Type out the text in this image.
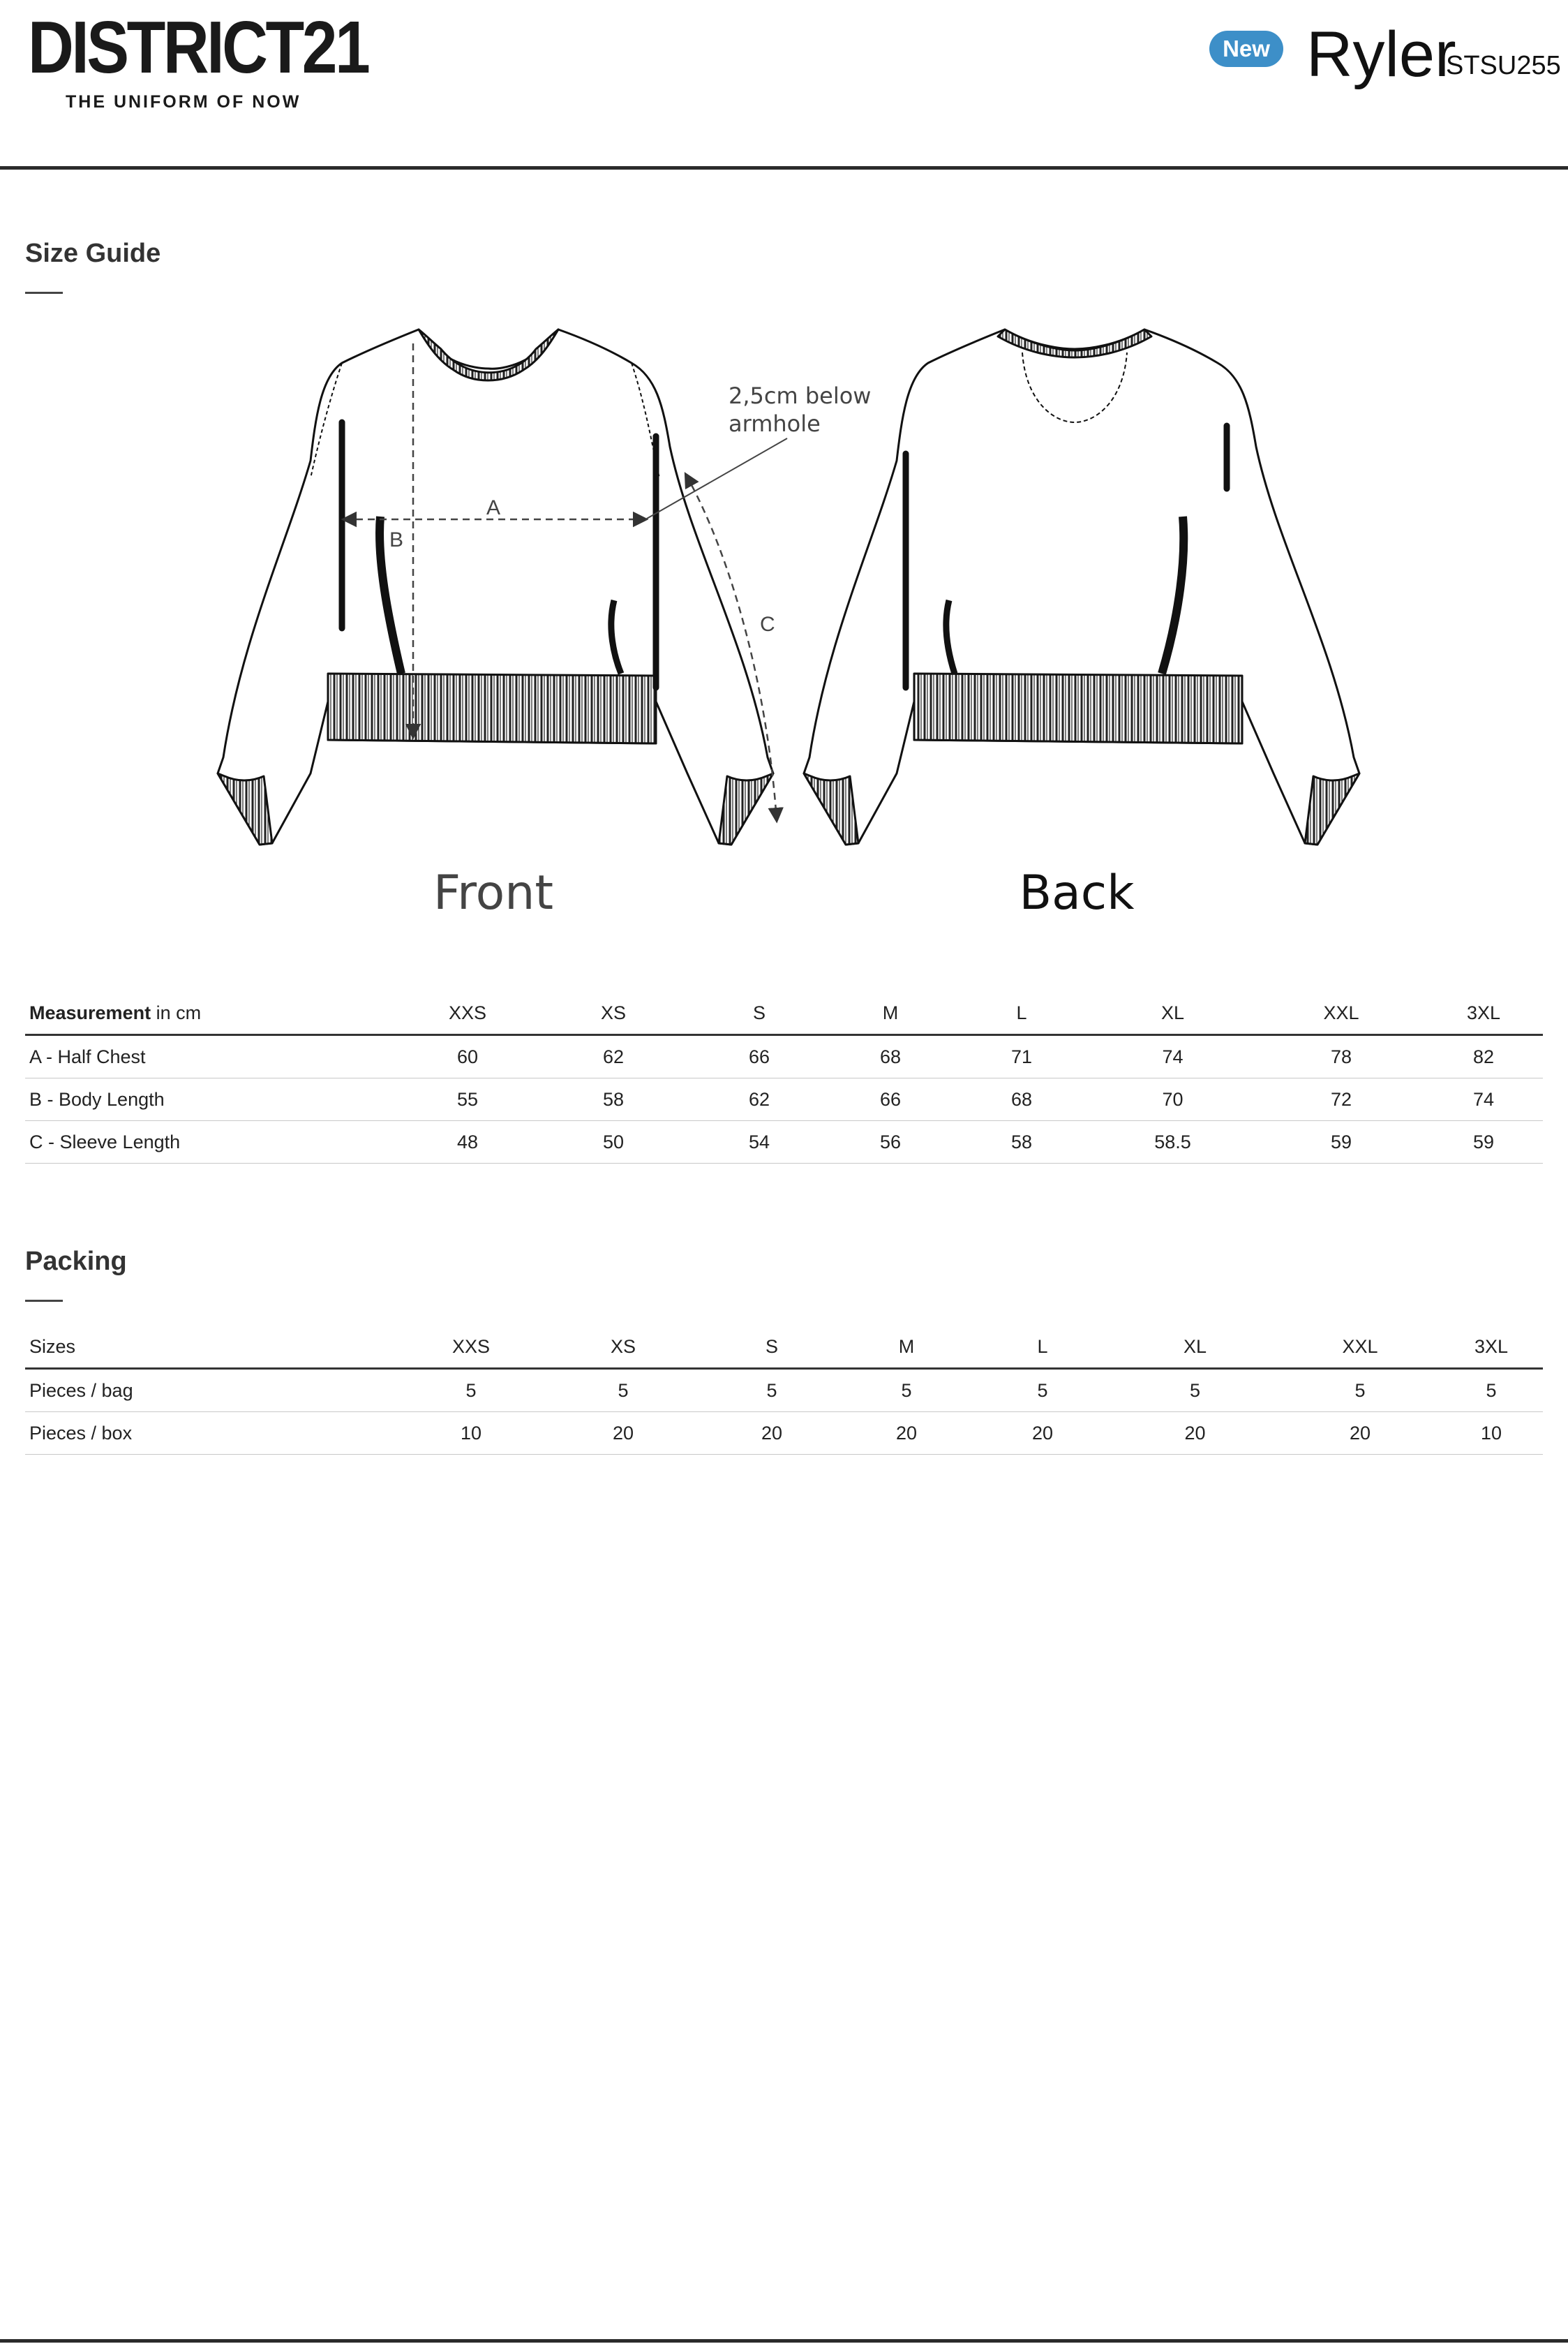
DISTRICT21
THE UNIFORM OF NOW
New Ryler
STSU255
Size Guide
A
B
C
2,5cm below
armhole
Front	Back
Measurement in cm	XXS	XS	S	M	L	XL	XXL	3XL
A - Half Chest	60	62	66	68	71	74	78	82
B - Body Length	55	58	62	66	68	70	72	74
C - Sleeve Length	48	50	54	56	58	58.5	59	59
Packing
Sizes	XXS	XS	S	M	L	XL	XXL	3XL
Pieces / bag	5	5	5	5	5	5	5	5
Pieces / box	10	20	20	20	20	20	20	10
